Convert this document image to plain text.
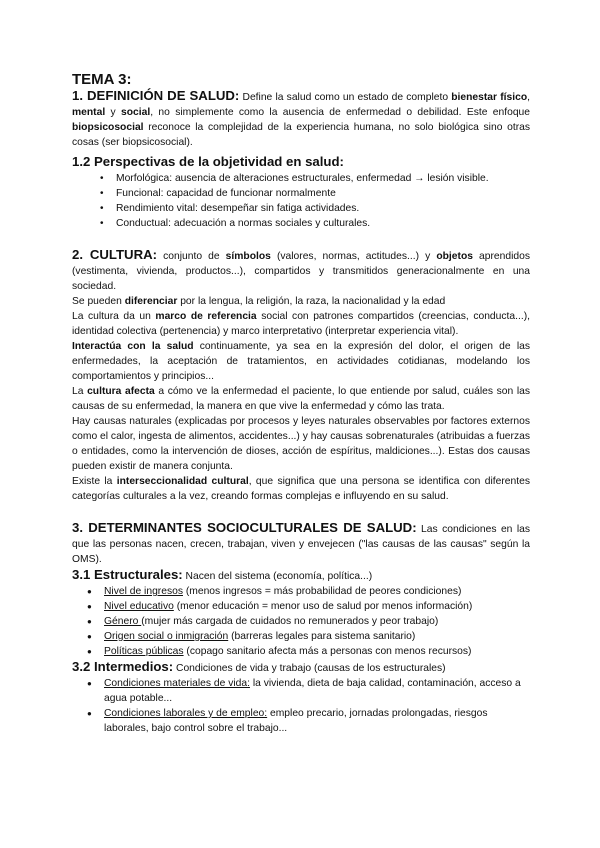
TEMA 3:

1. DEFINICIÓN DE SALUD: Define la salud como un estado de completo bienestar físico, mental y social, no simplemente como la ausencia de enfermedad o debilidad. Este enfoque biopsicosocial reconoce la complejidad de la experiencia humana, no solo biológica sino otras cosas (ser biopsicosocial).

1.2 Perspectivas de la objetividad en salud:
• Morfológica: ausencia de alteraciones estructurales, enfermedad → lesión visible.
• Funcional: capacidad de funcionar normalmente
• Rendimiento vital: desempeñar sin fatiga actividades.
• Conductual: adecuación a normas sociales y culturales.

2. CULTURA: conjunto de símbolos (valores, normas, actitudes...) y objetos aprendidos (vestimenta, vivienda, productos...), compartidos y transmitidos generacionalmente en una sociedad.

Se pueden diferenciar por la lengua, la religión, la raza, la nacionalidad y la edad

La cultura da un marco de referencia social con patrones compartidos (creencias, conducta...), identidad colectiva (pertenencia) y marco interpretativo (interpretar experiencia vital).

Interactúa con la salud continuamente, ya sea en la expresión del dolor, el origen de las enfermedades, la aceptación de tratamientos, en actividades cotidianas, modelando los comportamientos y principios...

La cultura afecta a cómo ve la enfermedad el paciente, lo que entiende por salud, cuáles son las causas de su enfermedad, la manera en que vive la enfermedad y cómo las trata.

Hay causas naturales (explicadas por procesos y leyes naturales observables por factores externos como el calor, ingesta de alimentos, accidentes...) y hay causas sobrenaturales (atribuidas a fuerzas o entidades, como la intervención de dioses, acción de espíritus, maldiciones...). Estas dos causas pueden existir de manera conjunta.

Existe la interseccionalidad cultural, que significa que una persona se identifica con diferentes categorías culturales a la vez, creando formas complejas e influyendo en su salud.

3. DETERMINANTES SOCIOCULTURALES DE SALUD: Las condiciones en las que las personas nacen, crecen, trabajan, viven y envejecen ("las causas de las causas" según la OMS).

3.1 Estructurales: Nacen del sistema (economía, política...)

● Nivel de ingresos (menos ingresos = más probabilidad de peores condiciones)
● Nivel educativo (menor educación = menor uso de salud por menos información)
● Género (mujer más cargada de cuidados no remunerados y peor trabajo)
● Origen social o inmigración (barreras legales para sistema sanitario)
● Políticas públicas (copago sanitario afecta más a personas con menos recursos)

3.2 Intermedios: Condiciones de vida y trabajo (causas de los estructurales)

● Condiciones materiales de vida: la vivienda, dieta de baja calidad, contaminación, acceso a agua potable...
● Condiciones laborales y de empleo: empleo precario, jornadas prolongadas, riesgos laborales, bajo control sobre el trabajo...
